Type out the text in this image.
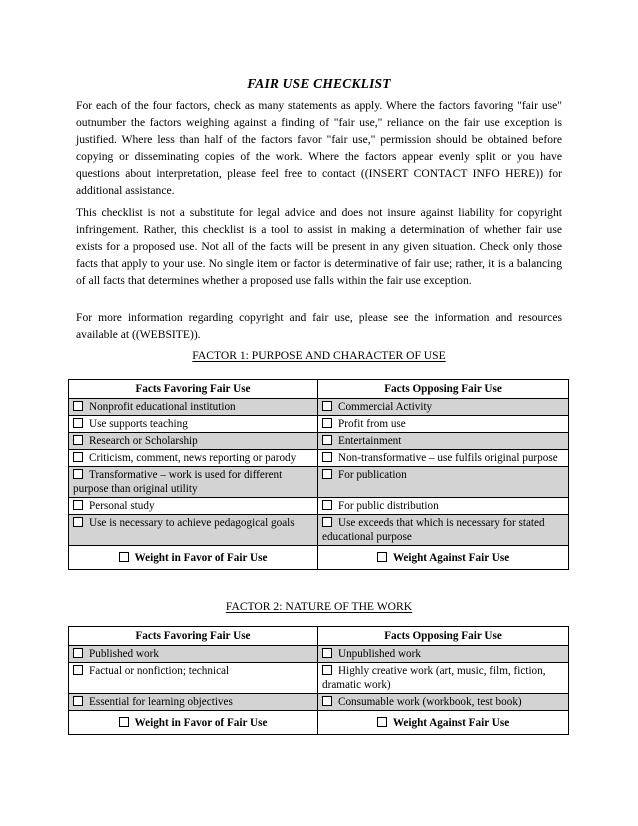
FAIR USE CHECKLIST

For each of the four factors, check as many statements as apply. Where the factors favoring "fair use" outnumber the factors weighing against a finding of "fair use," reliance on the fair use exception is justified. Where less than half of the factors favor "fair use," permission should be obtained before copying or disseminating copies of the work. Where the factors appear evenly split or you have questions about interpretation, please feel free to contact ((INSERT CONTACT INFO HERE)) for additional assistance.

This checklist is not a substitute for legal advice and does not insure against liability for copyright infringement. Rather, this checklist is a tool to assist in making a determination of whether fair use exists for a proposed use. Not all of the facts will be present in any given situation. Check only those facts that apply to your use. No single item or factor is determinative of fair use; rather, it is a balancing of all facts that determines whether a proposed use falls within the fair use exception.

For more information regarding copyright and fair use, please see the information and resources available at ((WEBSITE)).

FACTOR 1: PURPOSE AND CHARACTER OF USE
Facts Favoring Fair Use	Facts Opposing Fair Use
Nonprofit educational institution	Commercial Activity
Use supports teaching	Profit from use
Research or Scholarship	Entertainment
Criticism, comment, news reporting or parody	Non-transformative – use fulfils original purpose
Transformative – work is used for different purpose than original utility	For publication
Personal study	For public distribution
Use is necessary to achieve pedagogical goals	Use exceeds that which is necessary for stated educational purpose
Weight in Favor of Fair Use	Weight Against Fair Use
FACTOR 2: NATURE OF THE WORK
Facts Favoring Fair Use	Facts Opposing Fair Use
Published work	Unpublished work
Factual or nonfiction; technical	Highly creative work (art, music, film, fiction, dramatic work)
Essential for learning objectives	Consumable work (workbook, test book)
Weight in Favor of Fair Use	Weight Against Fair Use
